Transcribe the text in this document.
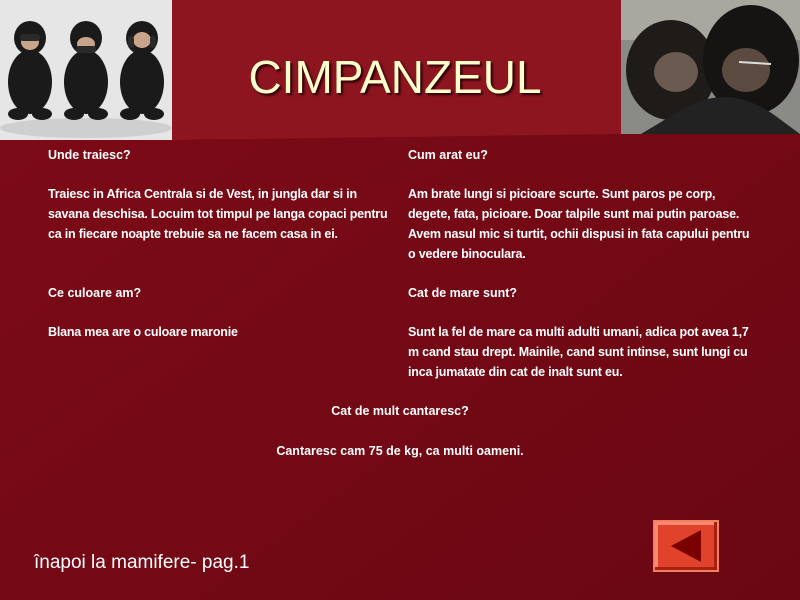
CIMPANZEUL
Unde traiesc?
Traiesc in Africa Centrala si de Vest, in jungla dar si in savana deschisa. Locuim tot timpul pe langa copaci pentru ca in fiecare noapte trebuie sa ne facem casa in ei.
Ce culoare am?
Blana mea are o culoare maronie
Cum arat eu?
Am brate lungi si picioare scurte. Sunt paros pe corp, degete, fata, picioare. Doar talpile sunt mai putin paroase. Avem nasul mic si turtit, ochii dispusi in fata capului pentru o vedere binoculara.
Cat de mare sunt?
Sunt la fel de mare ca multi adulti umani, adica pot avea 1,7 m cand stau drept. Mainile, cand sunt intinse, sunt lungi cu inca jumatate din cat de inalt sunt eu.
Cat de mult cantaresc?
Cantaresc cam 75 de kg, ca multi oameni.
înapoi la mamifere- pag.1
